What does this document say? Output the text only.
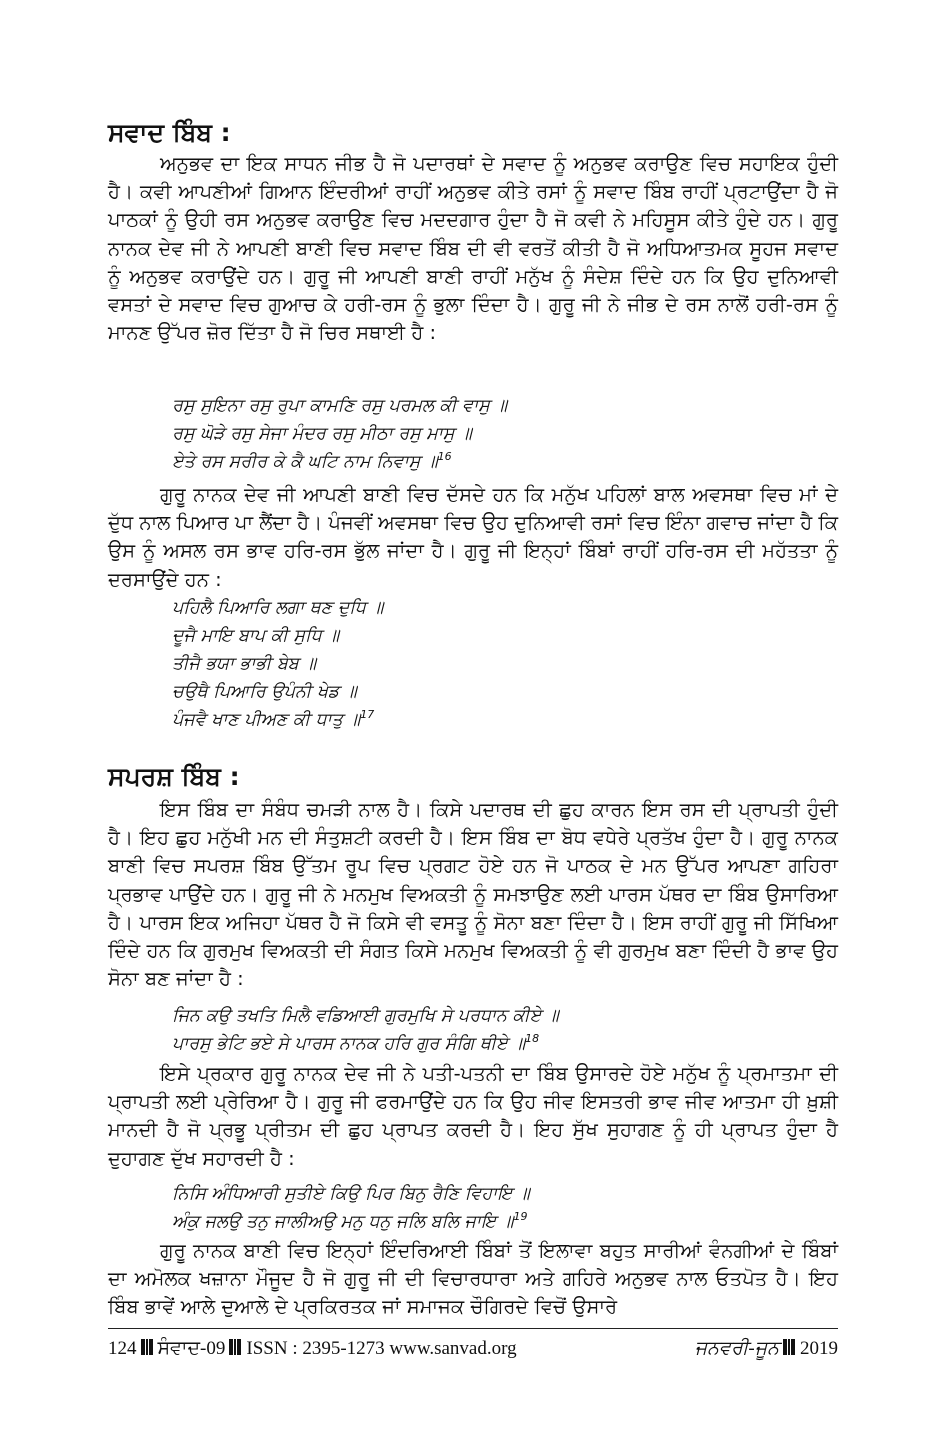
ਸਵਾਦ ਬਿੰਬ :

ਅਨੁਭਵ ਦਾ ਇਕ ਸਾਧਨ ਜੀਭ ਹੈ ਜੋ ਪਦਾਰਥਾਂ ਦੇ ਸਵਾਦ ਨੂੰ ਅਨੁਭਵ ਕਰਾਉਣ ਵਿਚ ਸਹਾਇਕ ਹੁੰਦੀ ਹੈ। ਕਵੀ ਆਪਣੀਆਂ ਗਿਆਨ ਇੰਦਰੀਆਂ ਰਾਹੀਂ ਅਨੁਭਵ ਕੀਤੇ ਰਸਾਂ ਨੂੰ ਸਵਾਦ ਬਿੰਬ ਰਾਹੀਂ ਪ੍ਰਟਾਉਂਦਾ ਹੈ ਜੋ ਪਾਠਕਾਂ ਨੂੰ ਉਹੀ ਰਸ ਅਨੁਭਵ ਕਰਾਉਣ ਵਿਚ ਮਦਦਗਾਰ ਹੁੰਦਾ ਹੈ ਜੋ ਕਵੀ ਨੇ ਮਹਿਸੂਸ ਕੀਤੇ ਹੁੰਦੇ ਹਨ। ਗੁਰੂ ਨਾਨਕ ਦੇਵ ਜੀ ਨੇ ਆਪਣੀ ਬਾਣੀ ਵਿਚ ਸਵਾਦ ਬਿੰਬ ਦੀ ਵੀ ਵਰਤੋਂ ਕੀਤੀ ਹੈ ਜੋ ਅਧਿਆਤਮਕ ਸੂਹਜ ਸਵਾਦ ਨੂੰ ਅਨੁਭਵ ਕਰਾਉਂਦੇ ਹਨ। ਗੁਰੂ ਜੀ ਆਪਣੀ ਬਾਣੀ ਰਾਹੀਂ ਮਨੁੱਖ ਨੂੰ ਸੰਦੇਸ਼ ਦਿੰਦੇ ਹਨ ਕਿ ਉਹ ਦੁਨਿਆਵੀ ਵਸਤਾਂ ਦੇ ਸਵਾਦ ਵਿਚ ਗੁਆਚ ਕੇ ਹਰੀ-ਰਸ ਨੂੰ ਭੁਲਾ ਦਿੰਦਾ ਹੈ। ਗੁਰੂ ਜੀ ਨੇ ਜੀਭ ਦੇ ਰਸ ਨਾਲੋਂ ਹਰੀ-ਰਸ ਨੂੰ ਮਾਨਣ ਉੱਪਰ ਜ਼ੋਰ ਦਿੱਤਾ ਹੈ ਜੋ ਚਿਰ ਸਥਾਈ ਹੈ :

ਰਸੁ ਸੁਇਨਾ ਰਸੁ ਰੁਪਾ ਕਾਮਣਿ ਰਸੁ ਪਰਮਲ ਕੀ ਵਾਸੁ ॥
ਰਸੁ ਘੋੜੇ ਰਸੁ ਸੇਜਾ ਮੰਦਰ ਰਸੁ ਮੀਠਾ ਰਸੁ ਮਾਸੁ ॥
ਏਤੇ ਰਸ ਸਰੀਰ ਕੇ ਕੈ ਘਟਿ ਨਾਮ ਨਿਵਾਸੁ ॥$^{16}$

ਗੁਰੂ ਨਾਨਕ ਦੇਵ ਜੀ ਆਪਣੀ ਬਾਣੀ ਵਿਚ ਦੱਸਦੇ ਹਨ ਕਿ ਮਨੁੱਖ ਪਹਿਲਾਂ ਬਾਲ ਅਵਸਥਾ ਵਿਚ ਮਾਂ ਦੇ ਦੁੱਧ ਨਾਲ ਪਿਆਰ ਪਾ ਲੈਂਦਾ ਹੈ। ਪੰਜਵੀਂ ਅਵਸਥਾ ਵਿਚ ਉਹ ਦੁਨਿਆਵੀ ਰਸਾਂ ਵਿਚ ਇੰਨਾ ਗਵਾਚ ਜਾਂਦਾ ਹੈ ਕਿ ਉਸ ਨੂੰ ਅਸਲ ਰਸ ਭਾਵ ਹਰਿ-ਰਸ ਭੁੱਲ ਜਾਂਦਾ ਹੈ। ਗੁਰੂ ਜੀ ਇਨ੍ਹਾਂ ਬਿੰਬਾਂ ਰਾਹੀਂ ਹਰਿ-ਰਸ ਦੀ ਮਹੱਤਤਾ ਨੂੰ ਦਰਸਾਉਂਦੇ ਹਨ :

ਪਹਿਲੈ ਪਿਆਰਿ ਲਗਾ ਥਣ ਦੁਧਿ ॥
ਦੂਜੈ ਮਾਇ ਬਾਪ ਕੀ ਸੁਧਿ ॥
ਤੀਜੈ ਭਯਾ ਭਾਭੀ ਬੇਬ ॥
ਚਉਥੈ ਪਿਆਰਿ ਉਪੰਨੀ ਖੇਡ ॥
ਪੰਜਵੈ ਖਾਣ ਪੀਅਣ ਕੀ ਧਾਤੁ ॥$^{17}$
ਸਪਰਸ਼ ਬਿੰਬ :

ਇਸ ਬਿੰਬ ਦਾ ਸੰਬੰਧ ਚਮੜੀ ਨਾਲ ਹੈ। ਕਿਸੇ ਪਦਾਰਥ ਦੀ ਛੁਹ ਕਾਰਨ ਇਸ ਰਸ ਦੀ ਪ੍ਰਾਪਤੀ ਹੁੰਦੀ ਹੈ। ਇਹ ਛੁਹ ਮਨੁੱਖੀ ਮਨ ਦੀ ਸੰਤੁਸ਼ਟੀ ਕਰਦੀ ਹੈ। ਇਸ ਬਿੰਬ ਦਾ ਬੋਧ ਵਧੇਰੇ ਪ੍ਰਤੱਖ ਹੁੰਦਾ ਹੈ। ਗੁਰੂ ਨਾਨਕ ਬਾਣੀ ਵਿਚ ਸਪਰਸ਼ ਬਿੰਬ ਉੱਤਮ ਰੂਪ ਵਿਚ ਪ੍ਰਗਟ ਹੋਏ ਹਨ ਜੋ ਪਾਠਕ ਦੇ ਮਨ ਉੱਪਰ ਆਪਣਾ ਗਹਿਰਾ ਪ੍ਰਭਾਵ ਪਾਉਂਦੇ ਹਨ। ਗੁਰੂ ਜੀ ਨੇ ਮਨਮੁਖ ਵਿਅਕਤੀ ਨੂੰ ਸਮਝਾਉਣ ਲਈ ਪਾਰਸ ਪੱਥਰ ਦਾ ਬਿੰਬ ਉਸਾਰਿਆ ਹੈ। ਪਾਰਸ ਇਕ ਅਜਿਹਾ ਪੱਥਰ ਹੈ ਜੋ ਕਿਸੇ ਵੀ ਵਸਤੂ ਨੂੰ ਸੋਨਾ ਬਣਾ ਦਿੰਦਾ ਹੈ। ਇਸ ਰਾਹੀਂ ਗੁਰੂ ਜੀ ਸਿੱਖਿਆ ਦਿੰਦੇ ਹਨ ਕਿ ਗੁਰਮੁਖ ਵਿਅਕਤੀ ਦੀ ਸੰਗਤ ਕਿਸੇ ਮਨਮੁਖ ਵਿਅਕਤੀ ਨੂੰ ਵੀ ਗੁਰਮੁਖ ਬਣਾ ਦਿੰਦੀ ਹੈ ਭਾਵ ਉਹ ਸੋਨਾ ਬਣ ਜਾਂਦਾ ਹੈ :

ਜਿਨ ਕਉ ਤਖਤਿ ਮਿਲੈ ਵਡਿਆਈ ਗੁਰਮੁਖਿ ਸੇ ਪਰਧਾਨ ਕੀਏ ॥
ਪਾਰਸੁ ਭੇਟਿ ਭਏ ਸੇ ਪਾਰਸ ਨਾਨਕ ਹਰਿ ਗੁਰ ਸੰਗਿ ਥੀਏ ॥$^{18}$

ਇਸੇ ਪ੍ਰਕਾਰ ਗੁਰੂ ਨਾਨਕ ਦੇਵ ਜੀ ਨੇ ਪਤੀ-ਪਤਨੀ ਦਾ ਬਿੰਬ ਉਸਾਰਦੇ ਹੋਏ ਮਨੁੱਖ ਨੂੰ ਪ੍ਰਮਾਤਮਾ ਦੀ ਪ੍ਰਾਪਤੀ ਲਈ ਪ੍ਰੇਰਿਆ ਹੈ। ਗੁਰੂ ਜੀ ਫਰਮਾਉਂਦੇ ਹਨ ਕਿ ਉਹ ਜੀਵ ਇਸਤਰੀ ਭਾਵ ਜੀਵ ਆਤਮਾ ਹੀ ਖ਼ੁਸ਼ੀ ਮਾਨਦੀ ਹੈ ਜੋ ਪ੍ਰਭੂ ਪ੍ਰੀਤਮ ਦੀ ਛੁਹ ਪ੍ਰਾਪਤ ਕਰਦੀ ਹੈ। ਇਹ ਸੁੱਖ ਸੁਹਾਗਣ ਨੂੰ ਹੀ ਪ੍ਰਾਪਤ ਹੁੰਦਾ ਹੈ ਦੁਹਾਗਣ ਦੁੱਖ ਸਹਾਰਦੀ ਹੈ :

ਨਿਸਿ ਅੰਧਿਆਰੀ ਸੁਤੀਏ ਕਿਉ ਪਿਰ ਬਿਨੁ ਰੈਣਿ ਵਿਹਾਇ ॥
ਅੰਕੁ ਜਲਉ ਤਨੁ ਜਾਲੀਅਉ ਮਨੁ ਧਨੁ ਜਲਿ ਬਲਿ ਜਾਇ ॥$^{19}$

ਗੁਰੂ ਨਾਨਕ ਬਾਣੀ ਵਿਚ ਇਨ੍ਹਾਂ ਇੰਦਰਿਆਈ ਬਿੰਬਾਂ ਤੋਂ ਇਲਾਵਾ ਬਹੁਤ ਸਾਰੀਆਂ ਵੰਨਗੀਆਂ ਦੇ ਬਿੰਬਾਂ ਦਾ ਅਮੋਲਕ ਖਜ਼ਾਨਾ ਮੌਜੂਦ ਹੈ ਜੋ ਗੁਰੂ ਜੀ ਦੀ ਵਿਚਾਰਧਾਰਾ ਅਤੇ ਗਹਿਰੇ ਅਨੁਭਵ ਨਾਲ ਓਤਪੋਤ ਹੈ। ਇਹ ਬਿੰਬ ਭਾਵੇਂ ਆਲੇ ਦੁਆਲੇ ਦੇ ਪ੍ਰਕਿਰਤਕ ਜਾਂ ਸਮਾਜਕ ਚੌਗਿਰਦੇ ਵਿਚੋਂ ਉਸਾਰੇ

124 ਸੰਵਾਦ-09 ISSN : 2395-1273 www.sanvad.org	ਜਨਵਰੀ-ਜੂਨ 2019
